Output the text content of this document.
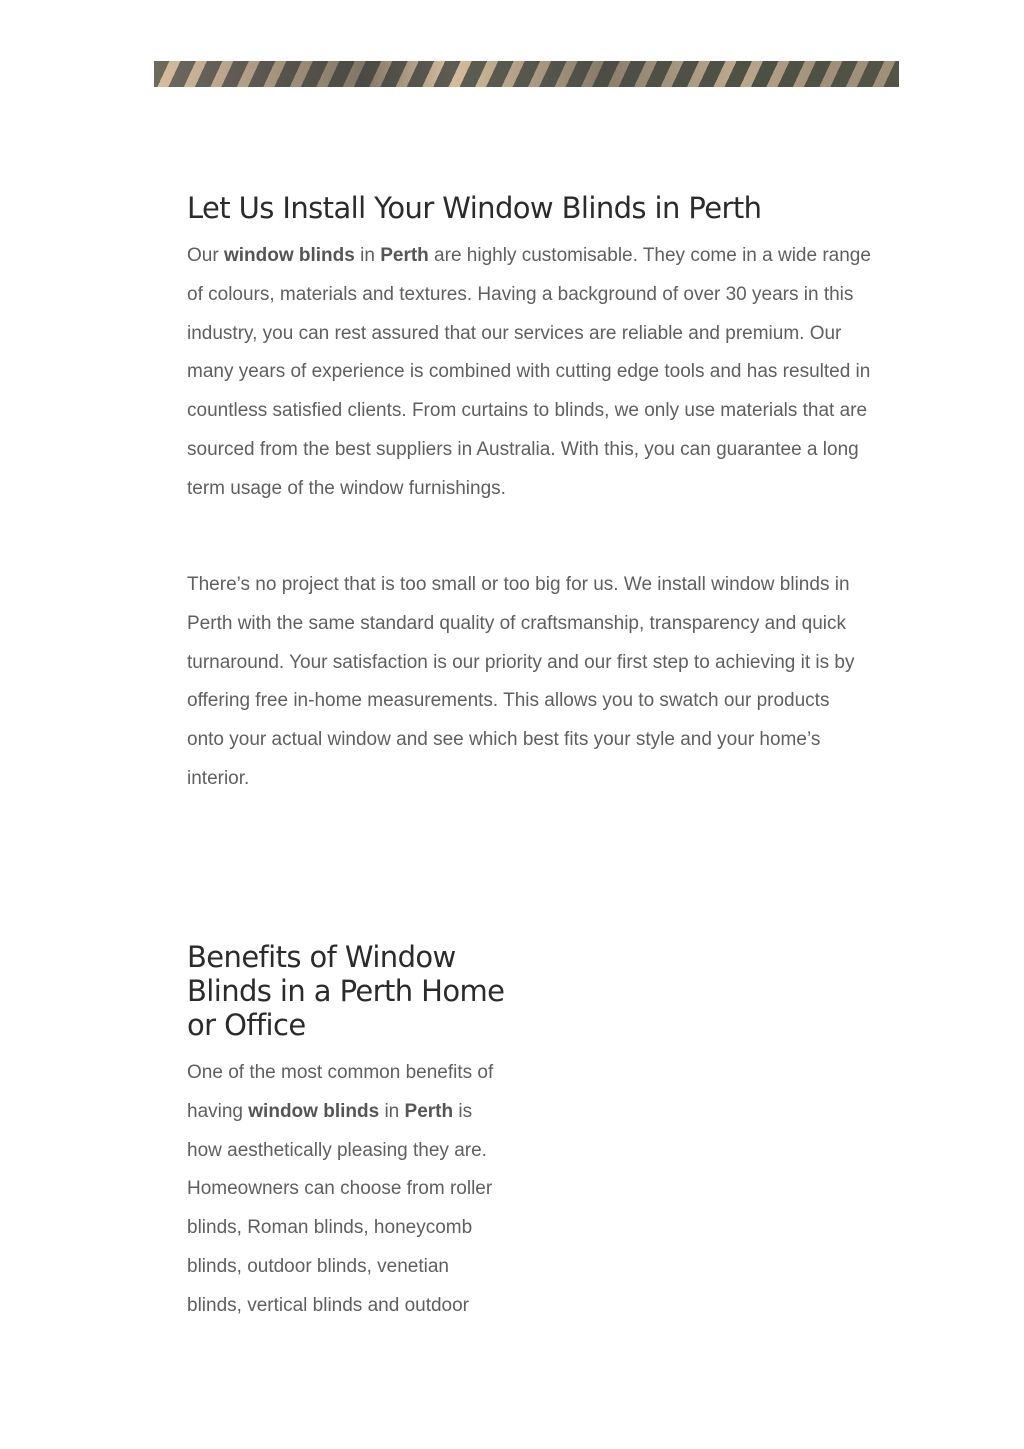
Let Us Install Your Window Blinds in Perth

Our window blinds in Perth are highly customisable. They come in a wide range of colours, materials and textures. Having a background of over 30 years in this industry, you can rest assured that our services are reliable and premium. Our many years of experience is combined with cutting edge tools and has resulted in countless satisfied clients. From curtains to blinds, we only use materials that are sourced from the best suppliers in Australia. With this, you can guarantee a long term usage of the window furnishings.

There’s no project that is too small or too big for us. We install window blinds in Perth with the same standard quality of craftsmanship, transparency and quick turnaround. Your satisfaction is our priority and our first step to achieving it is by offering free in-home measurements. This allows you to swatch our products onto your actual window and see which best fits your style and your home’s interior.

Benefits of Window Blinds in a Perth Home or Office

One of the most common benefits of having window blinds in Perth is how aesthetically pleasing they are. Homeowners can choose from roller blinds, Roman blinds, honeycomb blinds, outdoor blinds, venetian blinds, vertical blinds and outdoor
